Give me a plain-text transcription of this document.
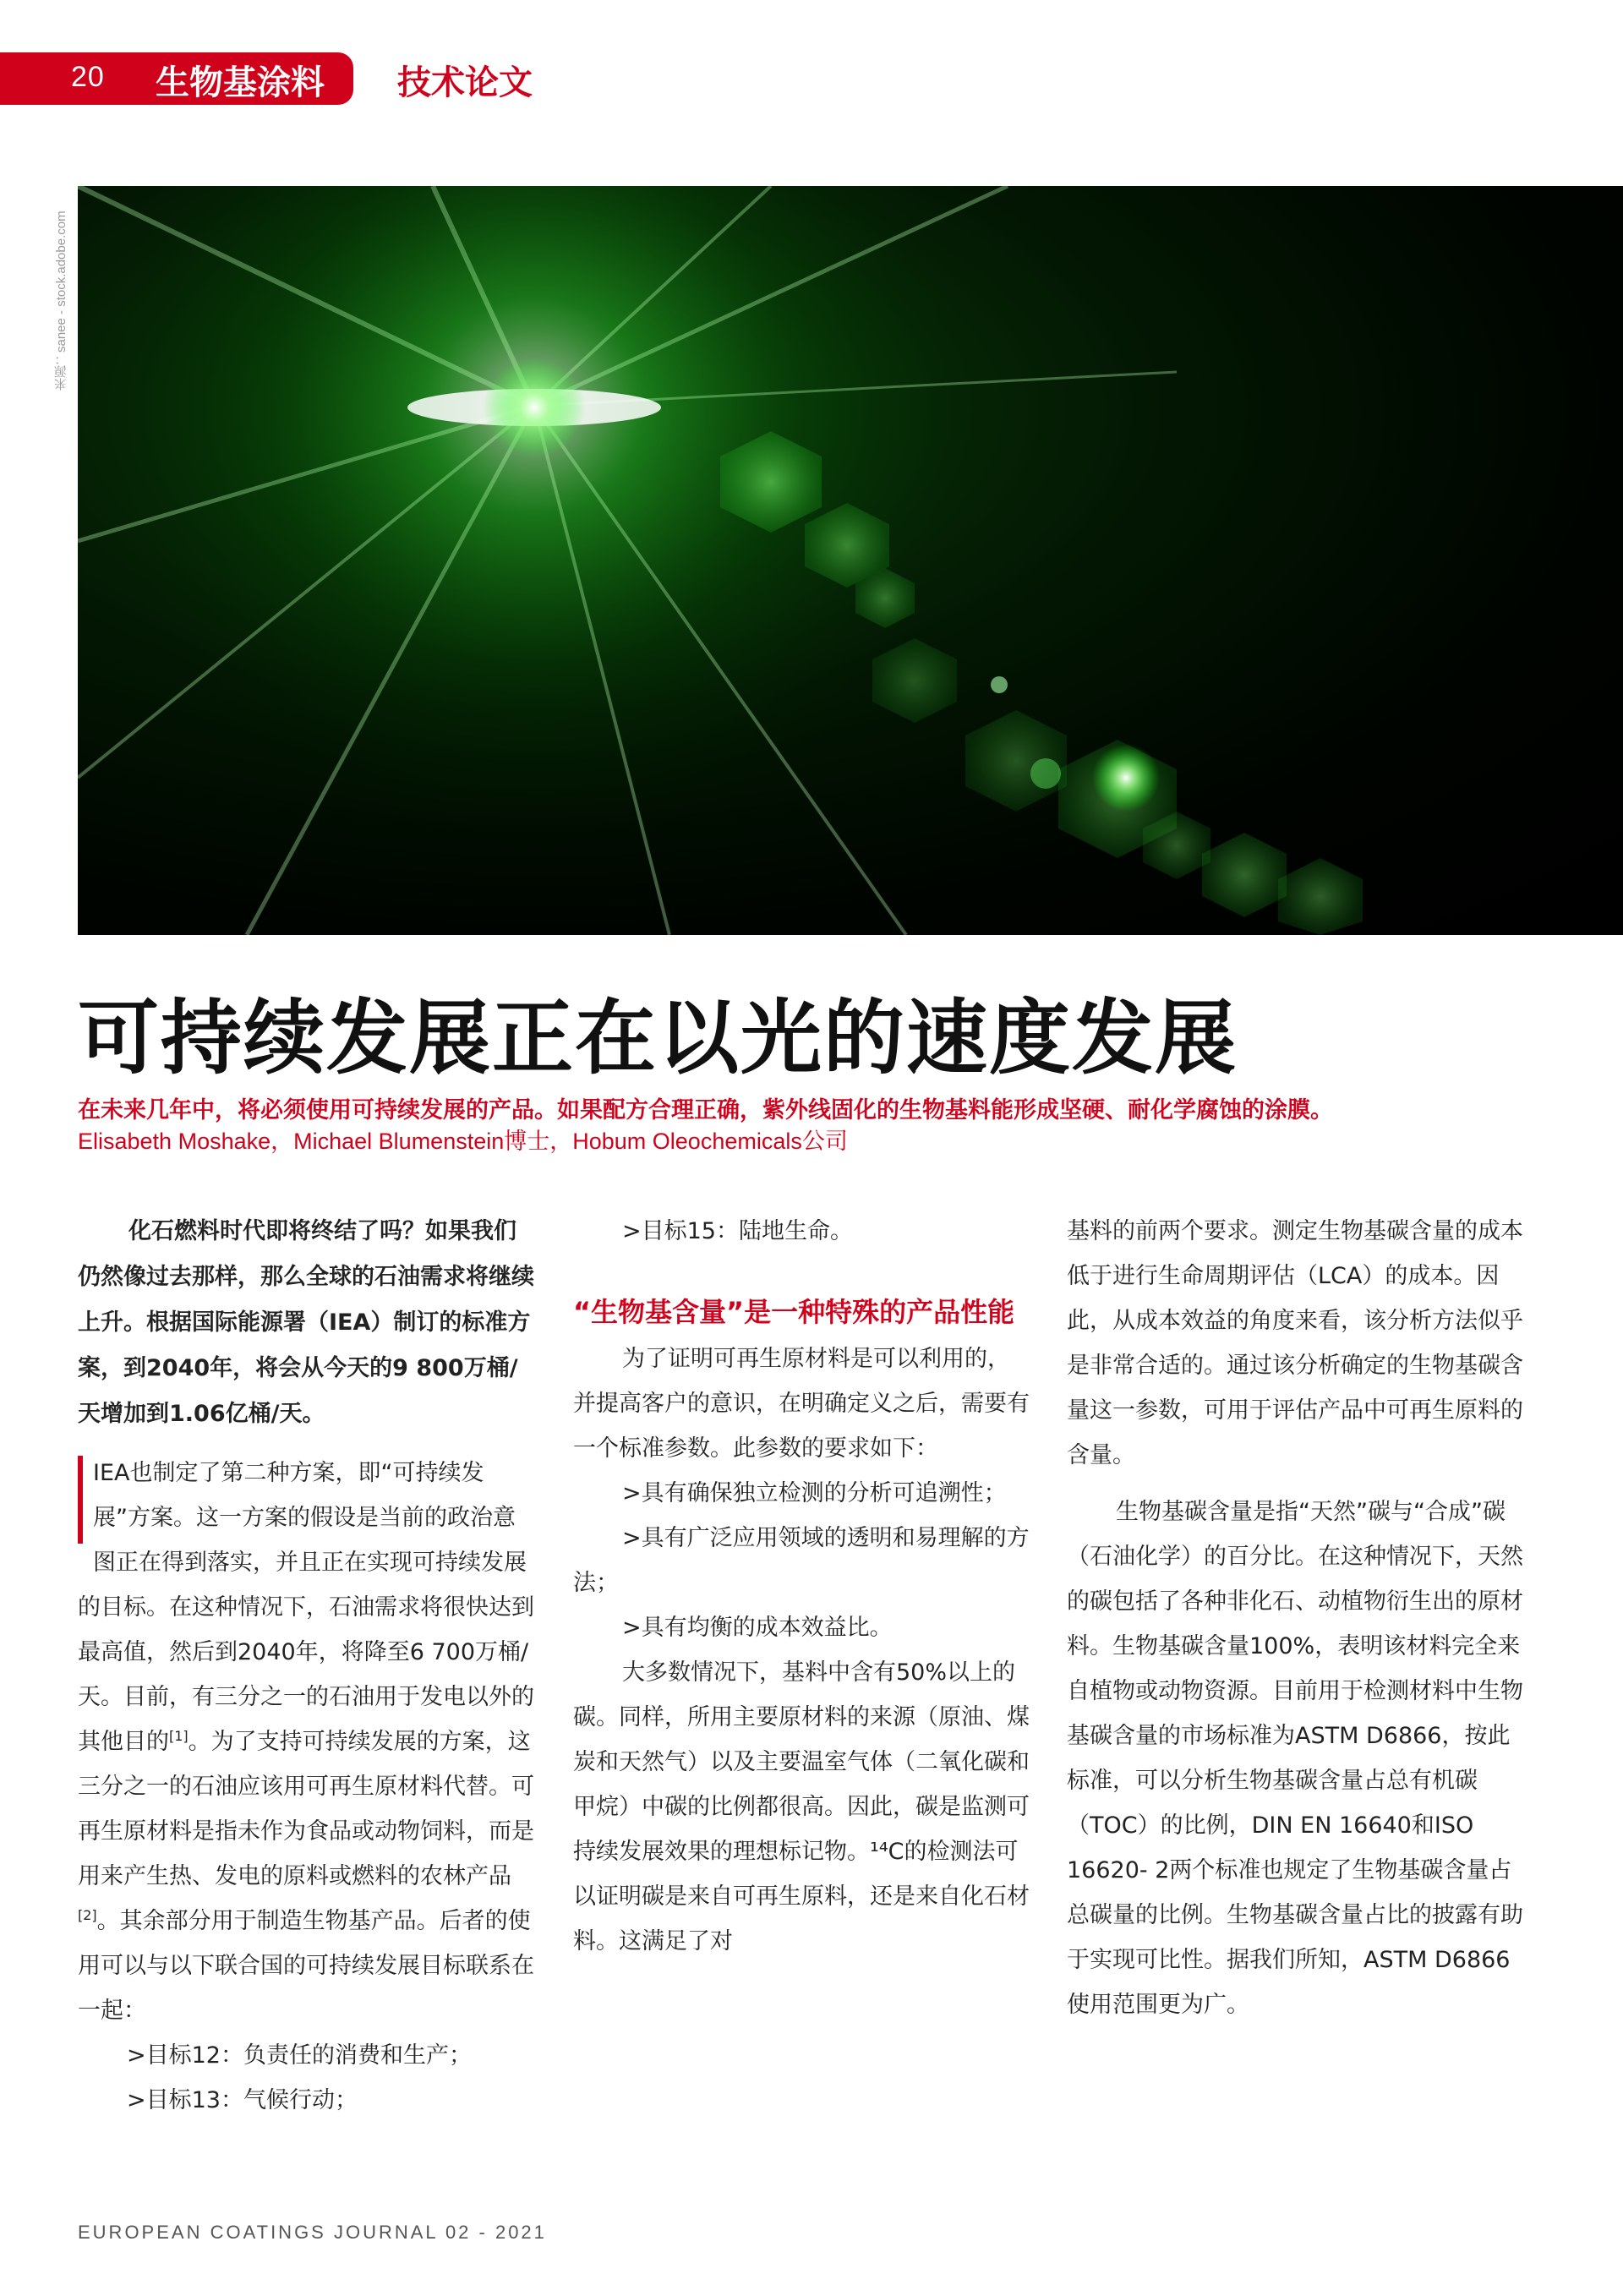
20 生物基涂料 技术论文
来源：sanee - stock.adobe.com
可持续发展正在以光的速度发展
在未来几年中，将必须使用可持续发展的产品。如果配方合理正确，紫外线固化的生物基料能形成坚硬、耐化学腐蚀的涂膜。
Elisabeth Moshake，Michael Blumenstein博士，Hobum Oleochemicals公司

化石燃料时代即将终结了吗？如果我们仍然像过去那样，那么全球的石油需求将继续上升。根据国际能源署（IEA）制订的标准方案，到2040年，将会从今天的9 800万桶/天增加到1.06亿桶/天。

IEA也制定了第二种方案，即“可持续发展”方案。这一方案的假设是当前的政治意图正在得到落实，并且正在实现可持续发展的目标。在这种情况下，石油需求将很快达到最高值，然后到2040年，将降至6 700万桶/天。目前，有三分之一的石油用于发电以外的其他目的[1]。为了支持可持续发展的方案，这三分之一的石油应该用可再生原材料代替。可再生原材料是指未作为食品或动物饲料，而是用来产生热、发电的原料或燃料的农林产品[2]。其余部分用于制造生物基产品。后者的使用可以与以下联合国的可持续发展目标联系在一起：

>目标12：负责任的消费和生产；

>目标13：气候行动；

>目标15：陆地生命。

“生物基含量”是一种特殊的产品性能

为了证明可再生原材料是可以利用的，并提高客户的意识，在明确定义之后，需要有一个标准参数。此参数的要求如下：

>具有确保独立检测的分析可追溯性；

>具有广泛应用领域的透明和易理解的方法；

>具有均衡的成本效益比。

大多数情况下，基料中含有50%以上的碳。同样，所用主要原材料的来源（原油、煤炭和天然气）以及主要温室气体（二氧化碳和甲烷）中碳的比例都很高。因此，碳是监测可持续发展效果的理想标记物。¹⁴C的检测法可以证明碳是来自可再生原料，还是来自化石材料。这满足了对

基料的前两个要求。测定生物基碳含量的成本低于进行生命周期评估（LCA）的成本。因此，从成本效益的角度来看，该分析方法似乎是非常合适的。通过该分析确定的生物基碳含量这一参数，可用于评估产品中可再生原料的含量。

生物基碳含量是指“天然”碳与“合成”碳（石油化学）的百分比。在这种情况下，天然的碳包括了各种非化石、动植物衍生出的原材料。生物基碳含量100%，表明该材料完全来自植物或动物资源。目前用于检测材料中生物基碳含量的市场标准为ASTM D6866，按此标准，可以分析生物基碳含量占总有机碳（TOC）的比例，DIN EN 16640和ISO 16620- 2两个标准也规定了生物基碳含量占总碳量的比例。生物基碳含量占比的披露有助于实现可比性。据我们所知，ASTM D6866使用范围更为广。

EUROPEAN COATINGS JOURNAL 02 - 2021
